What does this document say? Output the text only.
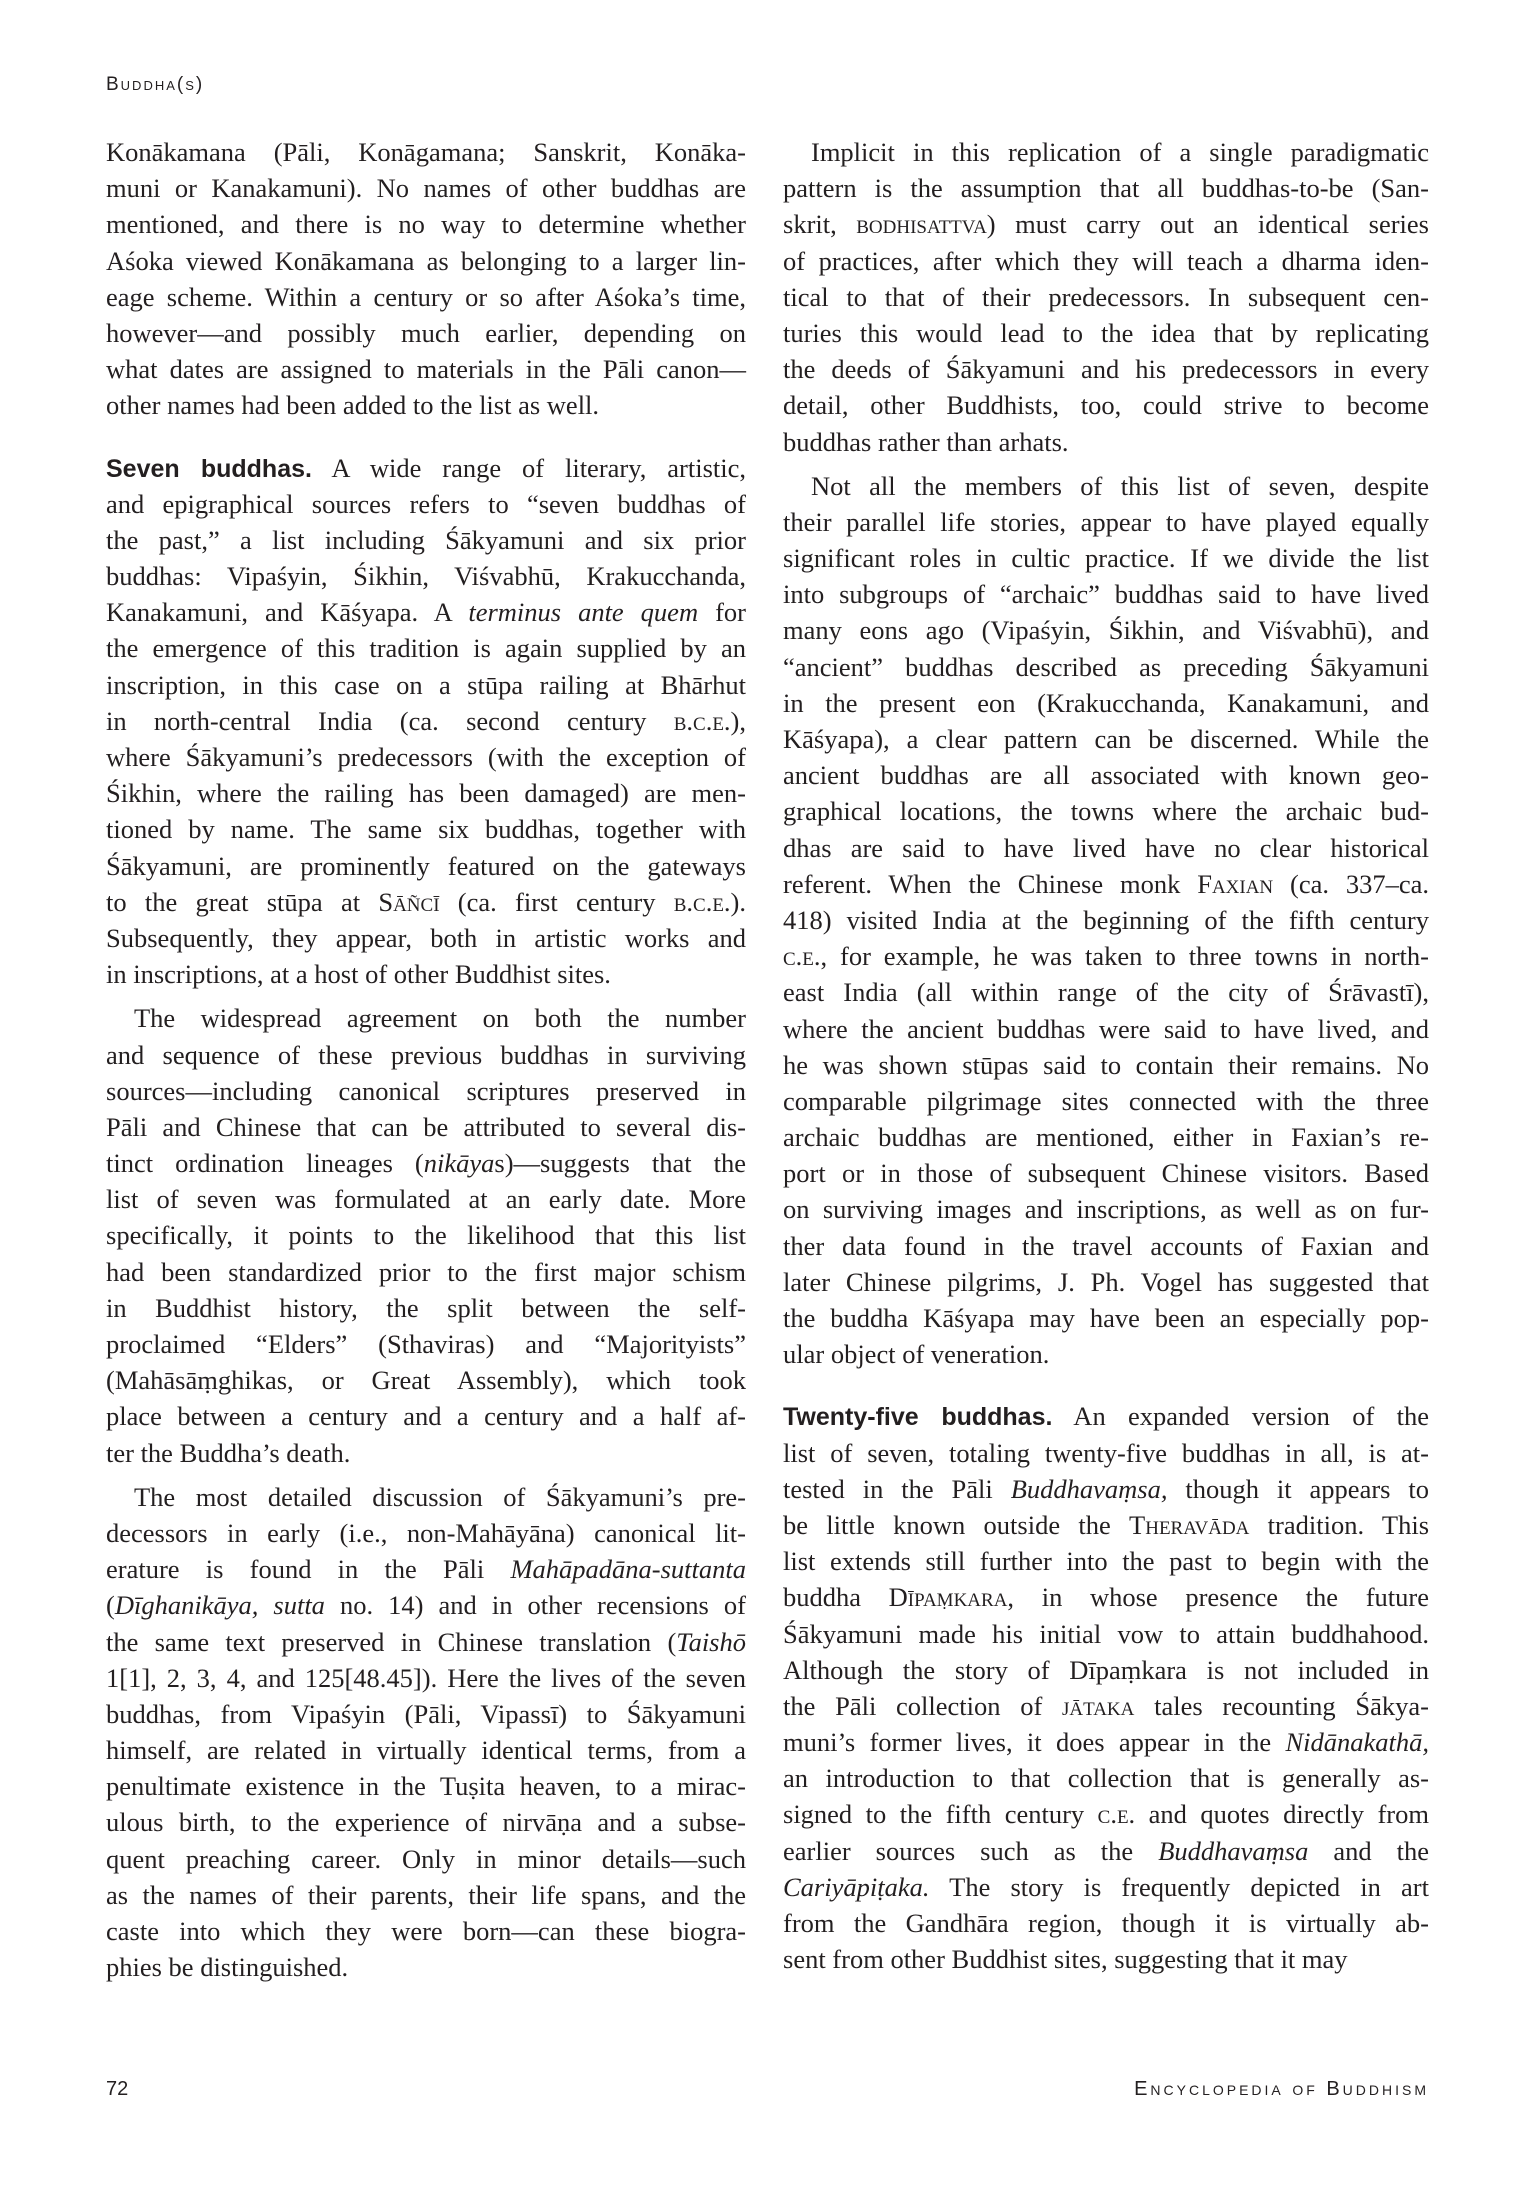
Buddha(s)
Konākamana (Pāli, Konāgamana; Sanskrit, Konāka-
muni or Kanakamuni). No names of other buddhas are
mentioned, and there is no way to determine whether
Aśoka viewed Konākamana as belonging to a larger lin-
eage scheme. Within a century or so after Aśoka’s time,
however—and possibly much earlier, depending on
what dates are assigned to materials in the Pāli canon—
other names had been added to the list as well.
Seven buddhas. A wide range of literary, artistic,
and epigraphical sources refers to “seven buddhas of
the past,” a list including Śākyamuni and six prior
buddhas: Vipaśyin, Śikhin, Viśvabhū, Krakucchanda,
Kanakamuni, and Kāśyapa. A terminus ante quem for
the emergence of this tradition is again supplied by an
inscription, in this case on a stūpa railing at Bhārhut
in north-central India (ca. second century b.c.e.),
where Śākyamuni’s predecessors (with the exception of
Śikhin, where the railing has been damaged) are men-
tioned by name. The same six buddhas, together with
Śākyamuni, are prominently featured on the gateways
to the great stūpa at Sāñcī (ca. first century b.c.e.).
Subsequently, they appear, both in artistic works and
in inscriptions, at a host of other Buddhist sites.
The widespread agreement on both the number
and sequence of these previous buddhas in surviving
sources—including canonical scriptures preserved in
Pāli and Chinese that can be attributed to several dis-
tinct ordination lineages (nikāyas)—suggests that the
list of seven was formulated at an early date. More
specifically, it points to the likelihood that this list
had been standardized prior to the first major schism
in Buddhist history, the split between the self-
proclaimed “Elders” (Sthaviras) and “Majorityists”
(Mahāsāṃghikas, or Great Assembly), which took
place between a century and a century and a half af-
ter the Buddha’s death.
The most detailed discussion of Śākyamuni’s pre-
decessors in early (i.e., non-Mahāyāna) canonical lit-
erature is found in the Pāli Mahāpadāna-suttanta
(Dīghanikāya, sutta no. 14) and in other recensions of
the same text preserved in Chinese translation (Taishō
1[1], 2, 3, 4, and 125[48.45]). Here the lives of the seven
buddhas, from Vipaśyin (Pāli, Vipassī) to Śākyamuni
himself, are related in virtually identical terms, from a
penultimate existence in the Tuṣita heaven, to a mirac-
ulous birth, to the experience of nirvāṇa and a subse-
quent preaching career. Only in minor details—such
as the names of their parents, their life spans, and the
caste into which they were born—can these biogra-
phies be distinguished.
Implicit in this replication of a single paradigmatic
pattern is the assumption that all buddhas-to-be (San-
skrit, bodhisattva) must carry out an identical series
of practices, after which they will teach a dharma iden-
tical to that of their predecessors. In subsequent cen-
turies this would lead to the idea that by replicating
the deeds of Śākyamuni and his predecessors in every
detail, other Buddhists, too, could strive to become
buddhas rather than arhats.
Not all the members of this list of seven, despite
their parallel life stories, appear to have played equally
significant roles in cultic practice. If we divide the list
into subgroups of “archaic” buddhas said to have lived
many eons ago (Vipaśyin, Śikhin, and Viśvabhū), and
“ancient” buddhas described as preceding Śākyamuni
in the present eon (Krakucchanda, Kanakamuni, and
Kāśyapa), a clear pattern can be discerned. While the
ancient buddhas are all associated with known geo-
graphical locations, the towns where the archaic bud-
dhas are said to have lived have no clear historical
referent. When the Chinese monk Faxian (ca. 337–ca.
418) visited India at the beginning of the fifth century
c.e., for example, he was taken to three towns in north-
east India (all within range of the city of Śrāvastī),
where the ancient buddhas were said to have lived, and
he was shown stūpas said to contain their remains. No
comparable pilgrimage sites connected with the three
archaic buddhas are mentioned, either in Faxian’s re-
port or in those of subsequent Chinese visitors. Based
on surviving images and inscriptions, as well as on fur-
ther data found in the travel accounts of Faxian and
later Chinese pilgrims, J. Ph. Vogel has suggested that
the buddha Kāśyapa may have been an especially pop-
ular object of veneration.
Twenty-five buddhas. An expanded version of the
list of seven, totaling twenty-five buddhas in all, is at-
tested in the Pāli Buddhavaṃsa, though it appears to
be little known outside the Theravāda tradition. This
list extends still further into the past to begin with the
buddha Dīpaṃkara, in whose presence the future
Śākyamuni made his initial vow to attain buddhahood.
Although the story of Dīpaṃkara is not included in
the Pāli collection of jātaka tales recounting Śākya-
muni’s former lives, it does appear in the Nidānakathā,
an introduction to that collection that is generally as-
signed to the fifth century c.e. and quotes directly from
earlier sources such as the Buddhavaṃsa and the
Cariyāpiṭaka. The story is frequently depicted in art
from the Gandhāra region, though it is virtually ab-
sent from other Buddhist sites, suggesting that it may
72	Encyclopedia of Buddhism
